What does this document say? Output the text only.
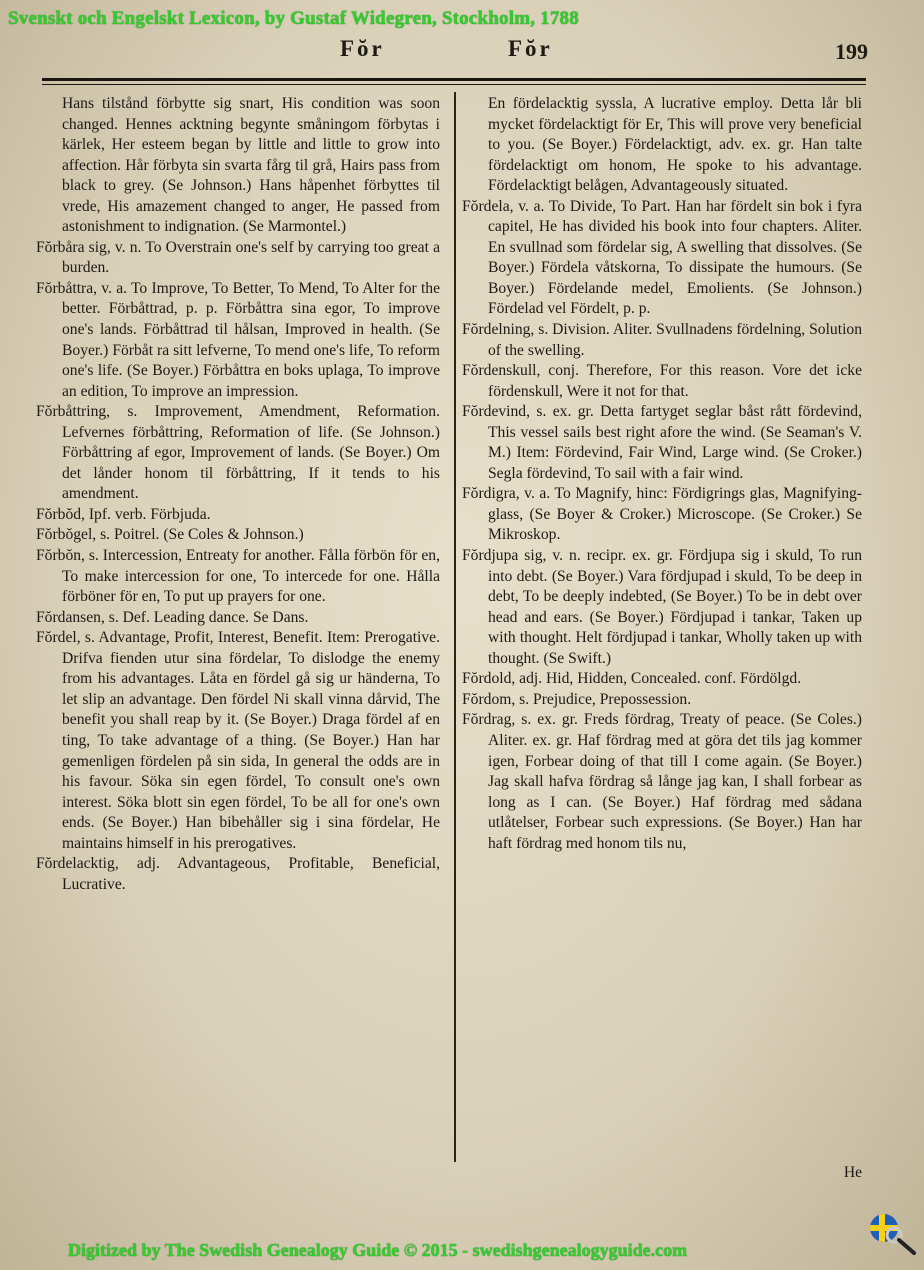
Svenskt och Engelskt Lexicon, by Gustaf Widegren, Stockholm, 1788
Fŏr	Fŏr	199

Hans tilstånd förbytte sig snart, His condition was soon changed. Hennes acktning begynte småningom förbytas i kärlek, Her esteem began by little and little to grow into affection. Hår förbyta sin svarta fårg til grå, Hairs pass from black to grey. (Se Johnson.) Hans håpenhet förbyttes til vrede, His amazement changed to anger, He passed from astonishment to indignation. (Se Marmontel.)

Fŏrbåra sig, v. n. To Overstrain one's self by carrying too great a burden.

Fŏrbåttra, v. a. To Improve, To Better, To Mend, To Alter for the better. Förbåttrad, p. p. Förbåttra sina egor, To improve one's lands. Förbåttrad til hålsan, Improved in health. (Se Boyer.) Förbåt ra sitt lefverne, To mend one's life, To reform one's life. (Se Boyer.) Förbåttra en boks uplaga, To improve an edition, To improve an impression.

Fŏrbåttring, s. Improvement, Amendment, Reformation. Lefvernes förbåttring, Reformation of life. (Se Johnson.) Förbåttring af egor, Improvement of lands. (Se Boyer.) Om det lånder honom til förbåttring, If it tends to his amendment.

Fŏrbŏd, Ipf. verb. Förbjuda.

Fŏrbŏgel, s. Poitrel. (Se Coles & Johnson.)

Fŏrbŏn, s. Intercession, Entreaty for another. Fålla förbön för en, To make intercession for one, To intercede for one. Hålla förböner för en, To put up prayers for one.

Fŏrdansen, s. Def. Leading dance. Se Dans.

Fŏrdel, s. Advantage, Profit, Interest, Benefit. Item: Prerogative. Drifva fienden utur sina fördelar, To dislodge the enemy from his advantages. Låta en fördel gå sig ur händerna, To let slip an advantage. Den fördel Ni skall vinna dårvid, The benefit you shall reap by it. (Se Boyer.) Draga fördel af en ting, To take advantage of a thing. (Se Boyer.) Han har gemenligen fördelen på sin sida, In general the odds are in his favour. Söka sin egen fördel, To consult one's own interest. Söka blott sin egen fördel, To be all for one's own ends. (Se Boyer.) Han bibehåller sig i sina fördelar, He maintains himself in his prerogatives.

Fŏrdelacktig, adj. Advantageous, Profitable, Beneficial, Lucrative.

En fördelacktig syssla, A lucrative employ. Detta lår bli mycket fördelacktigt för Er, This will prove very beneficial to you. (Se Boyer.) Fördelacktigt, adv. ex. gr. Han talte fördelacktigt om honom, He spoke to his advantage. Fördelacktigt belågen, Advantageously situated.

Fŏrdela, v. a. To Divide, To Part. Han har fördelt sin bok i fyra capitel, He has divided his book into four chapters. Aliter. En svullnad som fördelar sig, A swelling that dissolves. (Se Boyer.) Fördela våtskorna, To dissipate the humours. (Se Boyer.) Fördelande medel, Emolients. (Se Johnson.) Fördelad vel Fördelt, p. p.

Fŏrdelning, s. Division. Aliter. Svullnadens fördelning, Solution of the swelling.

Fŏrdenskull, conj. Therefore, For this reason. Vore det icke fördenskull, Were it not for that.

Fŏrdevind, s. ex. gr. Detta fartyget seglar båst rått fördevind, This vessel sails best right afore the wind. (Se Seaman's V. M.) Item: Fördevind, Fair Wind, Large wind. (Se Croker.) Segla fördevind, To sail with a fair wind.

Fŏrdigra, v. a. To Magnify, hinc: Fördigrings glas, Magnifying-glass, (Se Boyer & Croker.) Microscope. (Se Croker.) Se Mikroskop.

Fŏrdjupa sig, v. n. recipr. ex. gr. Fördjupa sig i skuld, To run into debt. (Se Boyer.) Vara fördjupad i skuld, To be deep in debt, To be deeply indebted, (Se Boyer.) To be in debt over head and ears. (Se Boyer.) Fördjupad i tankar, Taken up with thought. Helt fördjupad i tankar, Wholly taken up with thought. (Se Swift.)

Fŏrdold, adj. Hid, Hidden, Concealed. conf. Fördölgd.

Fŏrdom, s. Prejudice, Prepossession.

Fŏrdrag, s. ex. gr. Freds fördrag, Treaty of peace. (Se Coles.) Aliter. ex. gr. Haf fördrag med at göra det tils jag kommer igen, Forbear doing of that till I come again. (Se Boyer.) Jag skall hafva fördrag så långe jag kan, I shall forbear as long as I can. (Se Boyer.) Haf fördrag med sådana utlåtelser, Forbear such expressions. (Se Boyer.) Han har haft fördrag med honom tils nu,

He
Digitized by The Swedish Genealogy Guide © 2015 - swedishgenealogyguide.com
